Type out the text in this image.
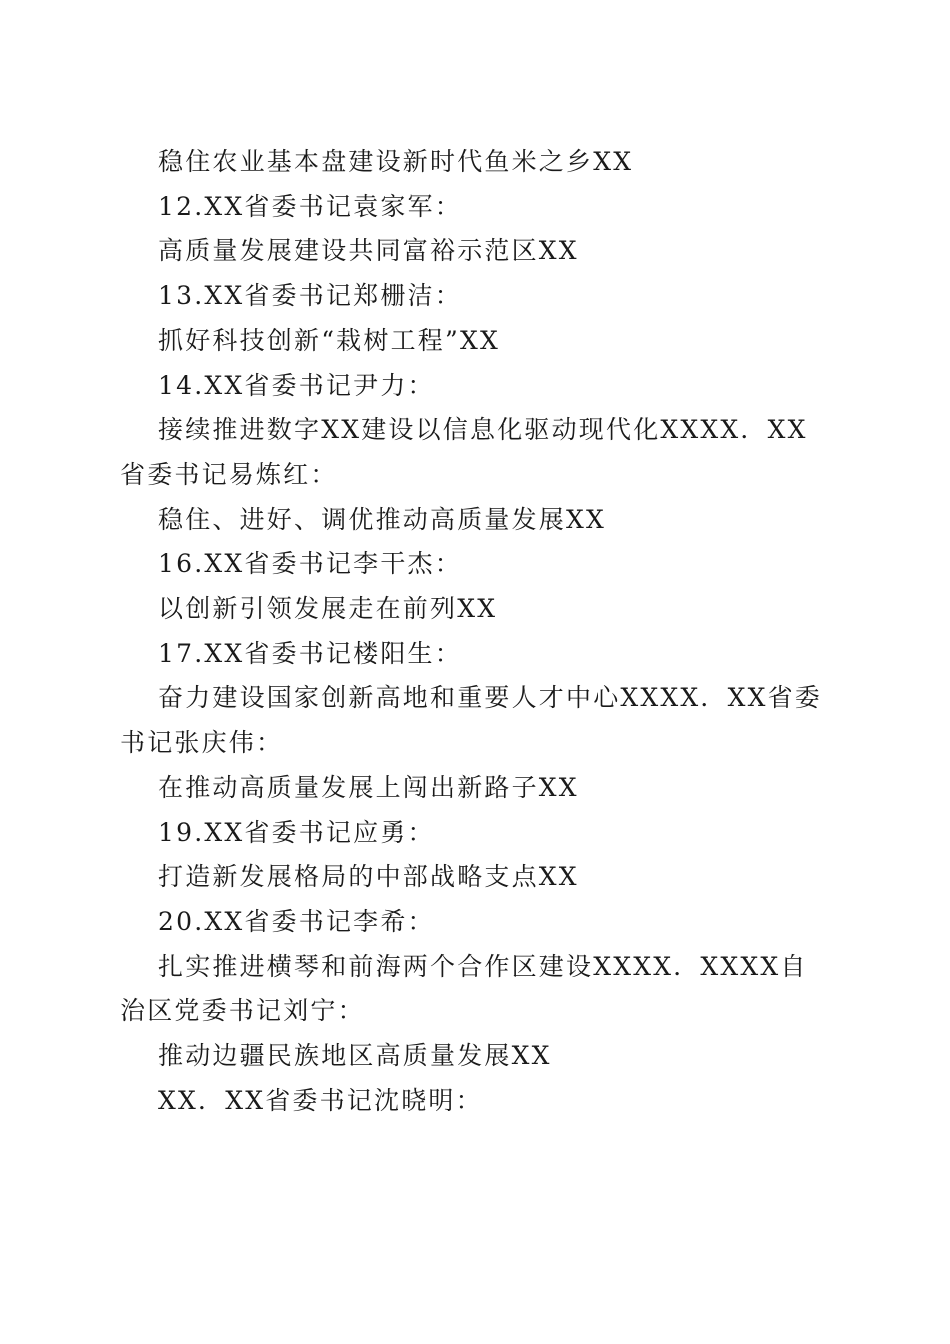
稳住农业基本盘建设新时代鱼米之乡XX

12.XX省委书记袁家军：

高质量发展建设共同富裕示范区XX

13.XX省委书记郑栅洁：

抓好科技创新“栽树工程”XX

14.XX省委书记尹力：

接续推进数字XX建设以信息化驱动现代化XXXX．XX省委书记易炼红：

稳住、进好、调优推动高质量发展XX

16.XX省委书记李干杰：

以创新引领发展走在前列XX

17.XX省委书记楼阳生：

奋力建设国家创新高地和重要人才中心XXXX．XX省委书记张庆伟：

在推动高质量发展上闯出新路子XX

19.XX省委书记应勇：

打造新发展格局的中部战略支点XX

20.XX省委书记李希：

扎实推进横琴和前海两个合作区建设XXXX．XXXX自治区党委书记刘宁：

推动边疆民族地区高质量发展XX

XX．XX省委书记沈晓明：
